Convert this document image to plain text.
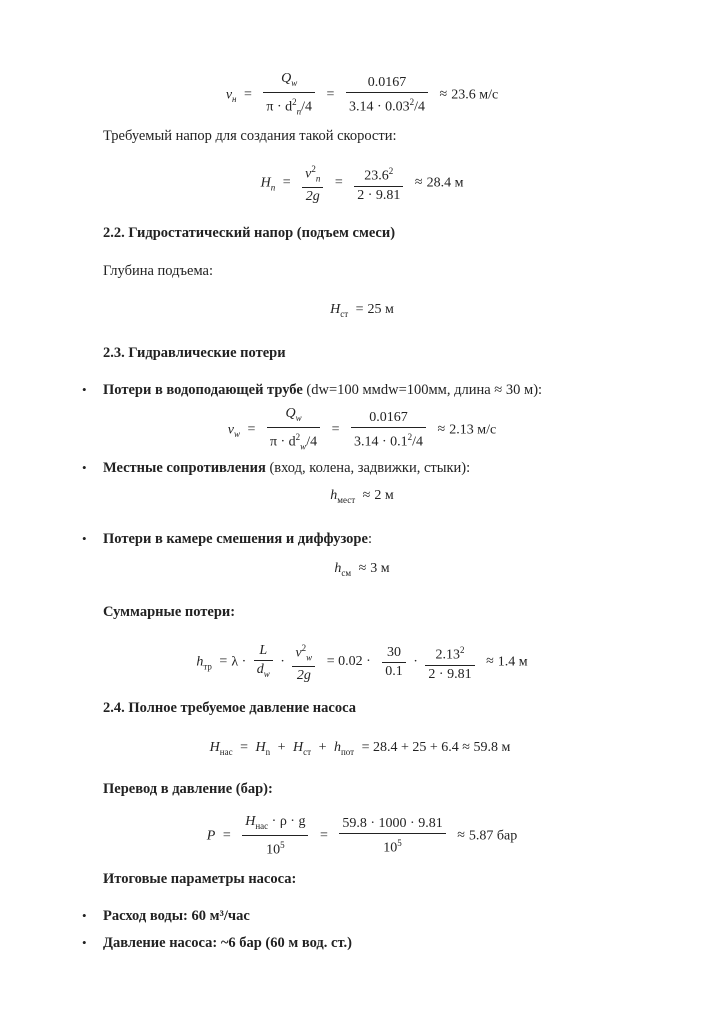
$v_н = \frac{Q_w}{\pi \cdot d^2_n/4} = \frac{0.0167}{3.14 \cdot 0.03^2/4} \approx 23.6$ м/с
Требуемый напор для создания такой скорости:
$H_n = \frac{v^2_n}{2g} = \frac{23.6^2}{2 \cdot 9.81} \approx 28.4$ м
2.2. Гидростатический напор (подъем смеси)
Глубина подъема:
$H_{ст} = 25$ м
2.3. Гидравлические потери
• Потери в водоподающей трубе (dw=100 ммdw=100мм, длина ≈ 30 м):
$v_w = \frac{Q_w}{\pi \cdot d^2_w/4} = \frac{0.0167}{3.14 \cdot 0.1^2/4} \approx 2.13$ м/с
• Местные сопротивления (вход, колена, задвижки, стыки):
$h_{мест} \approx 2$ м
• Потери в камере смешения и диффузоре:
$h_{см} \approx 3$ м
Суммарные потери:
$h_{тр} = \lambda \cdot \frac{L}{d_w} \cdot \frac{v^2_w}{2g} = 0.02 \cdot \frac{30}{0.1} \cdot \frac{2.13^2}{2 \cdot 9.81} \approx 1.4$ м
2.4. Полное требуемое давление насоса
$H_{нас} = H_n + H_{ст} + h_{пот} = 28.4 + 25 + 6.4 \approx 59.8$ м
Перевод в давление (бар):
$P = \frac{H_{нас} \cdot \rho \cdot g}{10^5} = \frac{59.8 \cdot 1000 \cdot 9.81}{10^5} \approx 5.87$ бар
Итоговые параметры насоса:
• Расход воды: 60 м³/час
• Давление насоса: ~6 бар (60 м вод. ст.)
